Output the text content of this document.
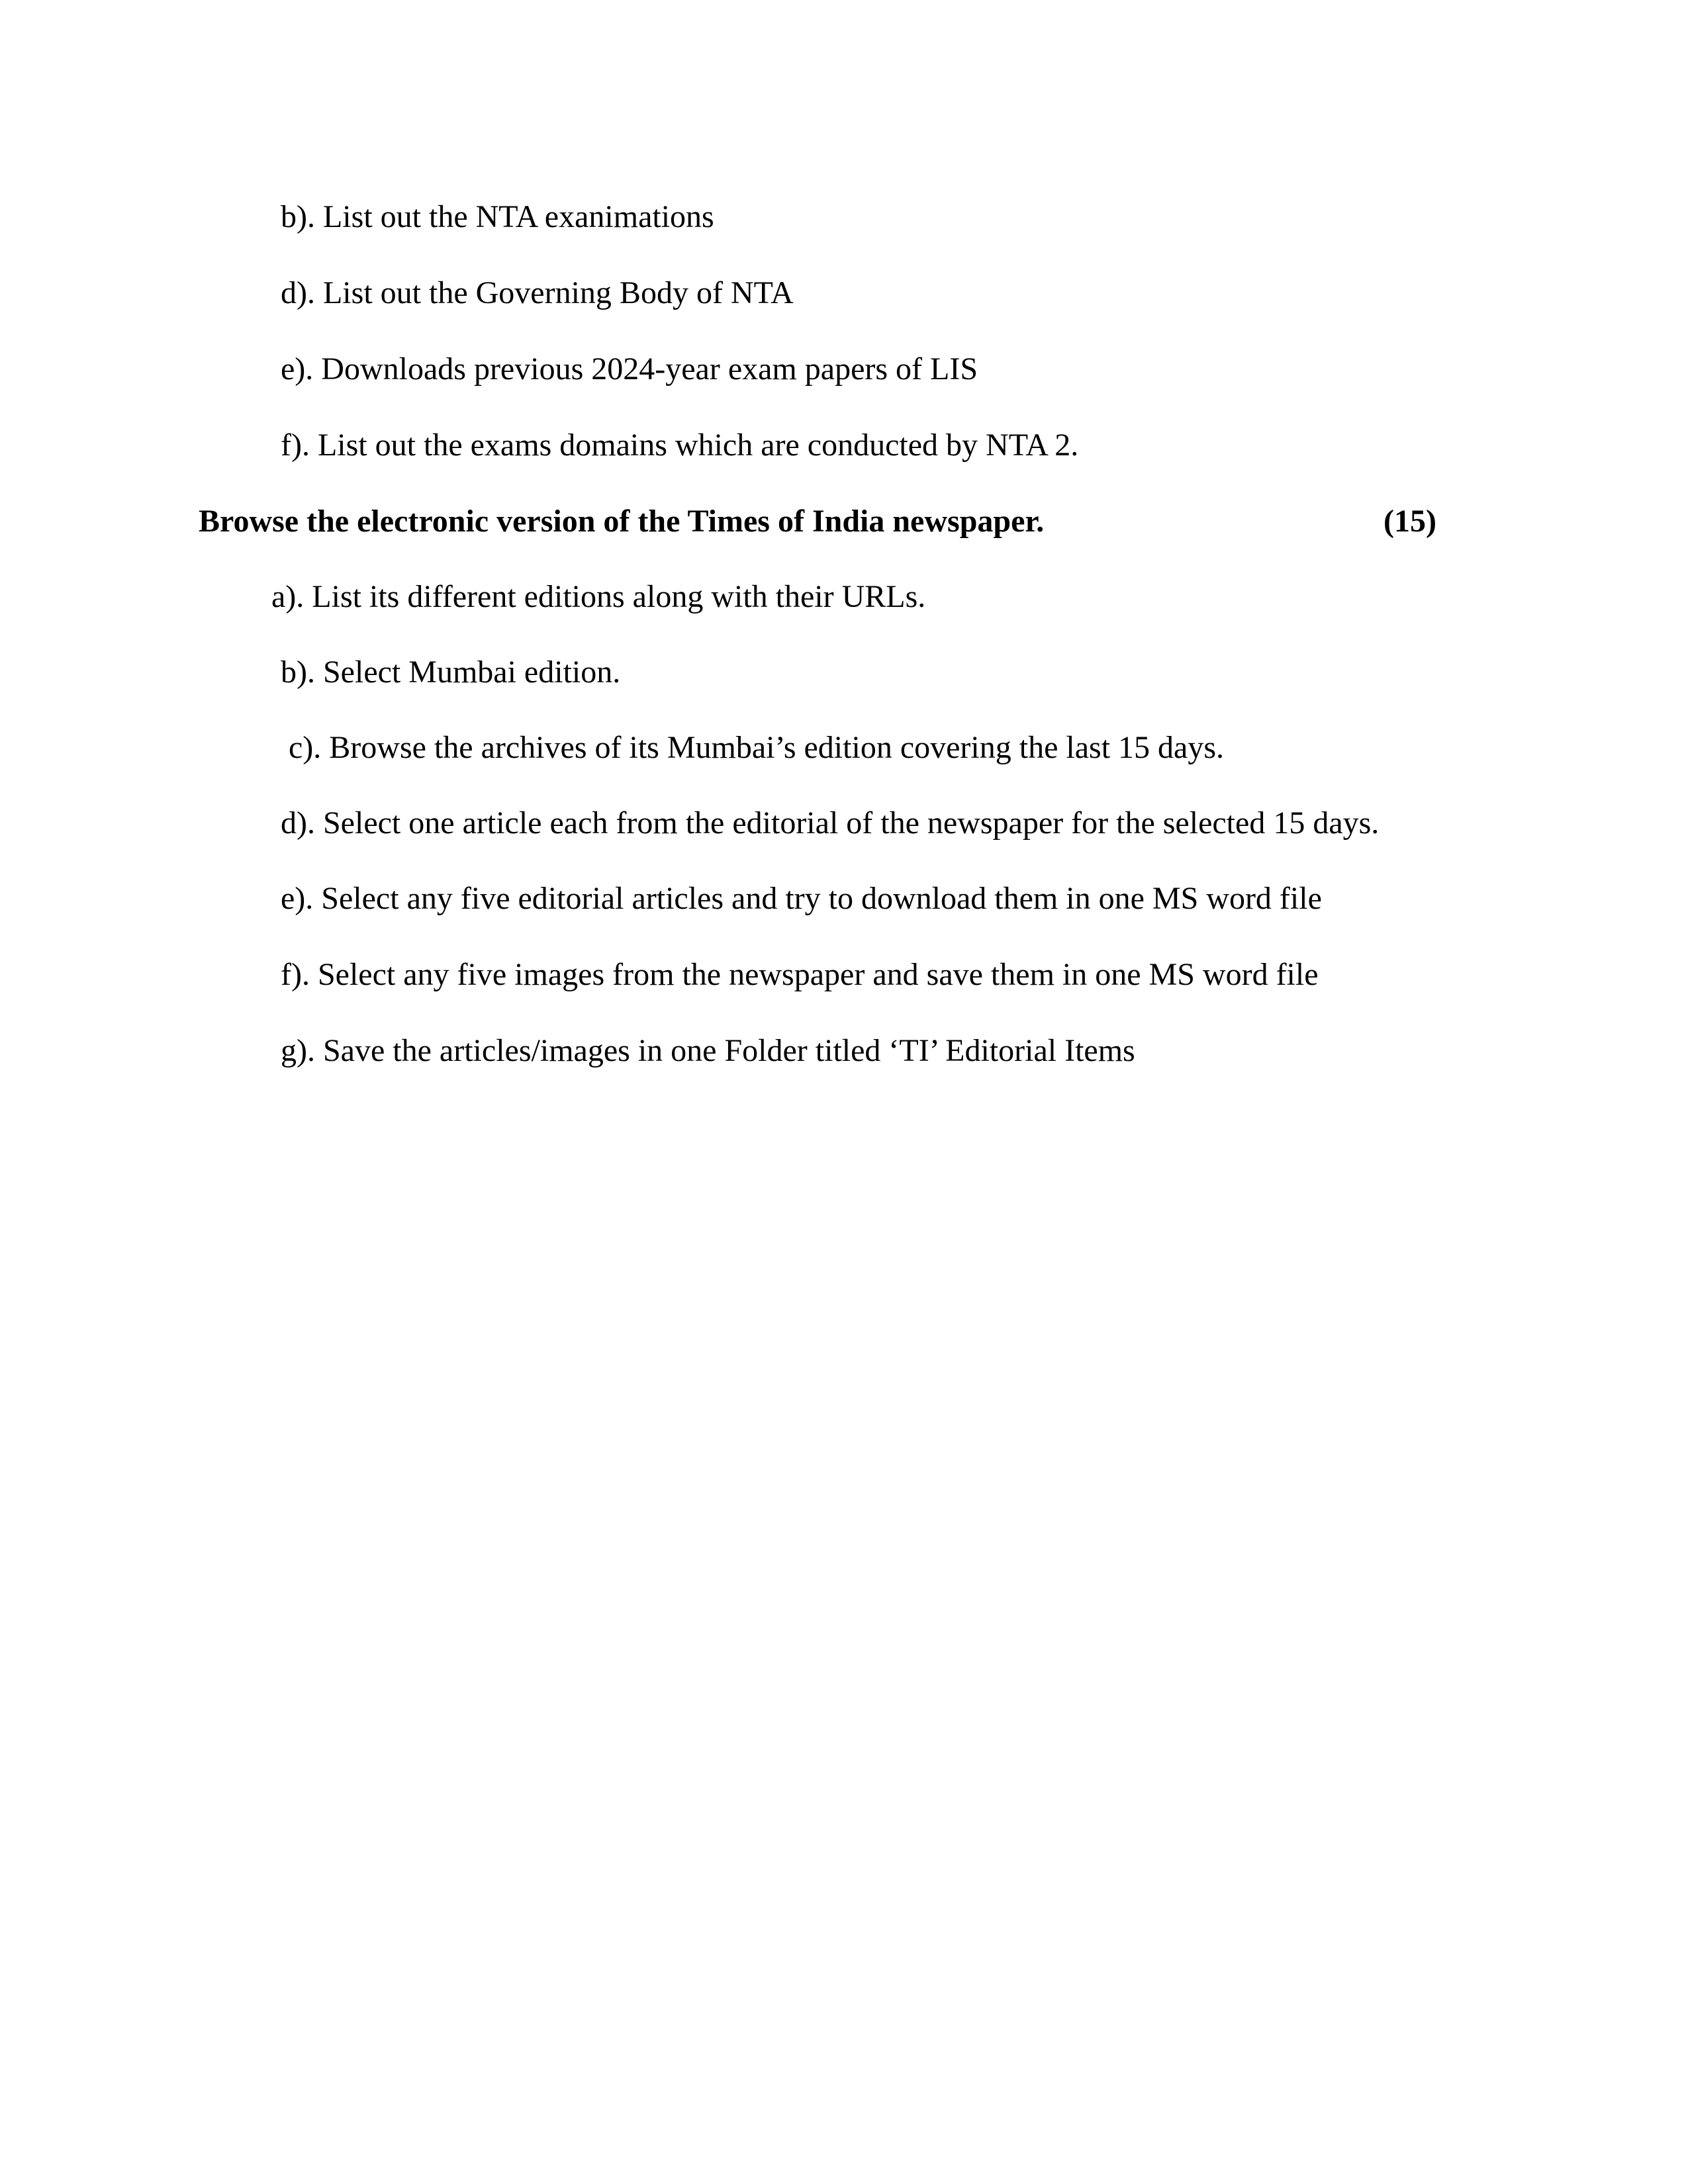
b). List out the NTA exanimations
d). List out the Governing Body of NTA
e). Downloads previous 2024-year exam papers of LIS
f). List out the exams domains which are conducted by NTA 2.
Browse the electronic version of the Times of India newspaper.	(15)
a). List its different editions along with their URLs.
b). Select Mumbai edition.
c). Browse the archives of its Mumbai’s edition covering the last 15 days.
d). Select one article each from the editorial of the newspaper for the selected 15 days.
e). Select any five editorial articles and try to download them in one MS word file
f). Select any five images from the newspaper and save them in one MS word file
g). Save the articles/images in one Folder titled ‘TI’ Editorial Items
